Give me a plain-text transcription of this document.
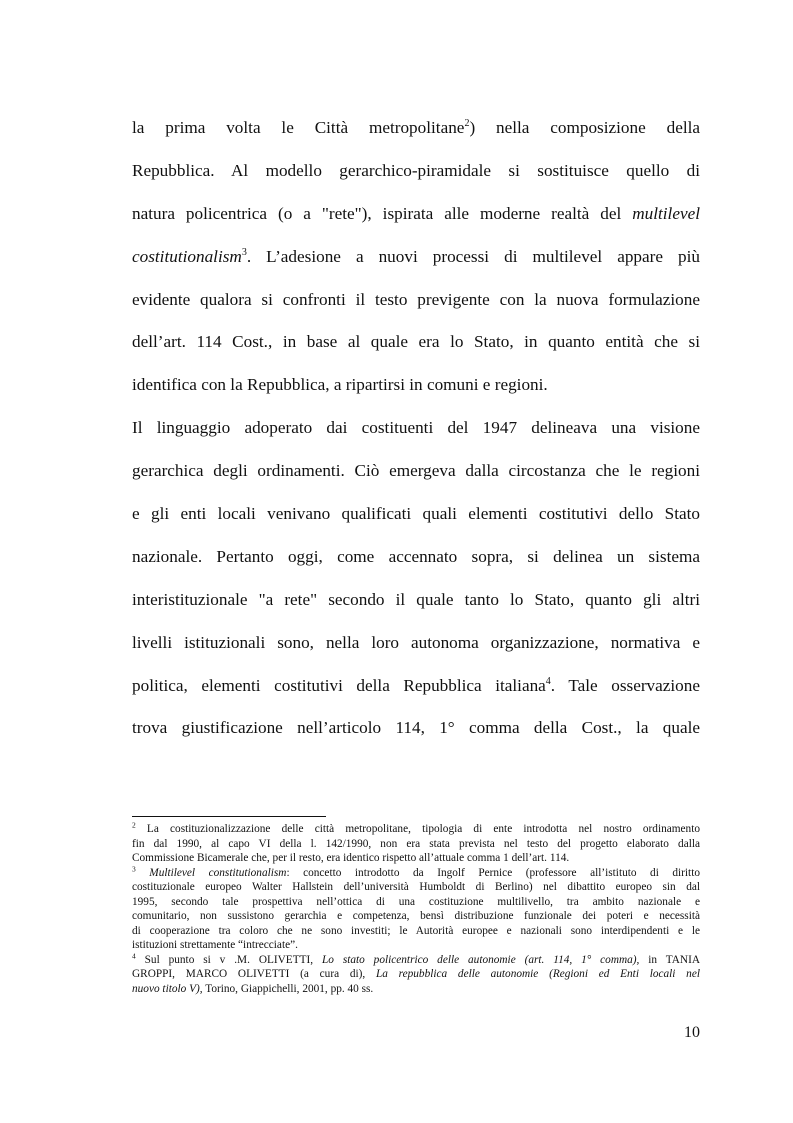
la prima volta le Città metropolitane$^2$) nella composizione della
Repubblica. Al modello gerarchico-piramidale si sostituisce quello di
natura policentrica (o a "rete"), ispirata alle moderne realtà del multilevel
costitutionalism$^3$. L’adesione a nuovi processi di multilevel appare più
evidente qualora si confronti il testo previgente con la nuova formulazione
dell’art. 114 Cost., in base al quale era lo Stato, in quanto entità che si
identifica con la Repubblica, a ripartirsi in comuni e regioni.
Il linguaggio adoperato dai costituenti del 1947 delineava una visione
gerarchica degli ordinamenti. Ciò emergeva dalla circostanza che le regioni
e gli enti locali venivano qualificati quali elementi costitutivi dello Stato
nazionale. Pertanto oggi, come accennato sopra, si delinea un sistema
interistituzionale "a rete" secondo il quale tanto lo Stato, quanto gli altri
livelli istituzionali sono, nella loro autonoma organizzazione, normativa e
politica, elementi costitutivi della Repubblica italiana$^4$. Tale osservazione
trova giustificazione nell’articolo 114, 1° comma della Cost., la quale
$^2$ La costituzionalizzazione delle città metropolitane, tipologia di ente introdotta nel nostro ordinamento
fin dal 1990, al capo VI della l. 142/1990, non era stata prevista nel testo del progetto elaborato dalla
Commissione Bicamerale che, per il resto, era identico rispetto all’attuale comma 1 dell’art. 114.
$^3$ Multilevel constitutionalism: concetto introdotto da Ingolf Pernice (professore all’istituto di diritto
costituzionale europeo Walter Hallstein dell’università Humboldt di Berlino) nel dibattito europeo sin dal
1995, secondo tale prospettiva nell’ottica di una costituzione multilivello, tra ambito nazionale e
comunitario, non sussistono gerarchia e competenza, bensì distribuzione funzionale dei poteri e necessità
di cooperazione tra coloro che ne sono investiti; le Autorità europee e nazionali sono interdipendenti e le
istituzioni strettamente “intrecciate”.
$^4$ Sul punto si v .M. OLIVETTI, Lo stato policentrico delle autonomie (art. 114, 1° comma), in TANIA
GROPPI, MARCO OLIVETTI (a cura di), La repubblica delle autonomie (Regioni ed Enti locali nel
nuovo titolo V), Torino, Giappichelli, 2001, pp. 40 ss.
10
